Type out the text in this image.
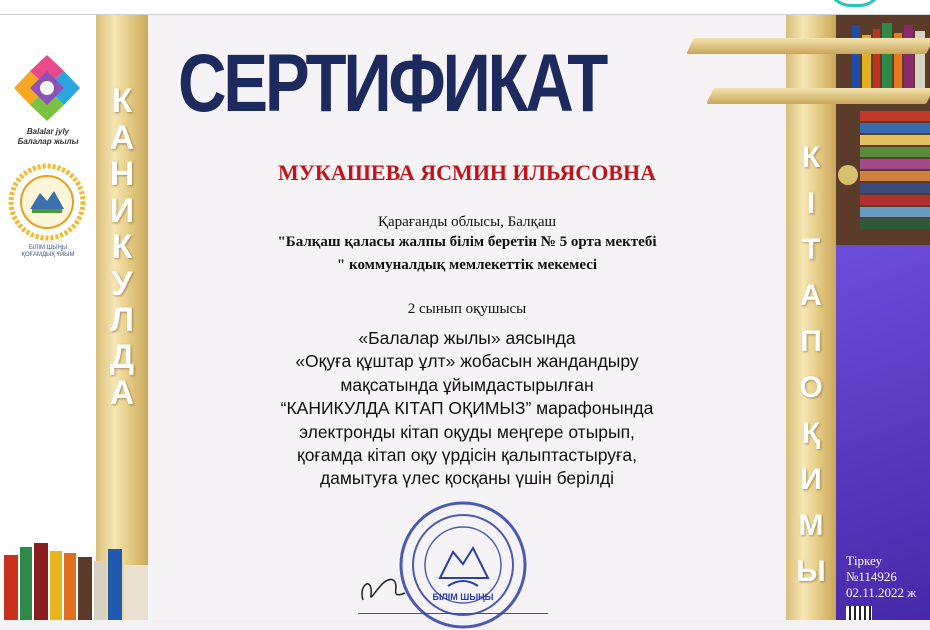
Balalar jyly
Балалар жылы
БІЛІМ ШЫҢЫ
ҚОҒАМДЫҚ ҰЙЫМ
К
А
Н
И
К
У
Л
Д
А
СЕРТИФИКАТ
МУКАШЕВА ЯСМИН ИЛЬЯСОВНА
Қарағанды облысы, Балқаш
"Балқаш қаласы жалпы білім беретін № 5 орта мектебі
" коммуналдық мемлекеттік мекемесі
2 сынып оқушысы
«Балалар жылы» аясында
«Оқуға құштар ұлт» жобасын жандандыру
мақсатында ұйымдастырылған
“КАНИКУЛДА КІТАП ОҚИМЫЗ” марафонында
электронды кітап оқуды меңгере отырып,
қоғамда кітап оқу үрдісін қалыптастыруға,
дамытуға үлес қосқаны үшін берілді
БІЛІМ ШЫҢЫ
К
І
Т
А
П
О
Қ
И
М
Ы	Тіркеу
№114926
02.11.2022 ж
